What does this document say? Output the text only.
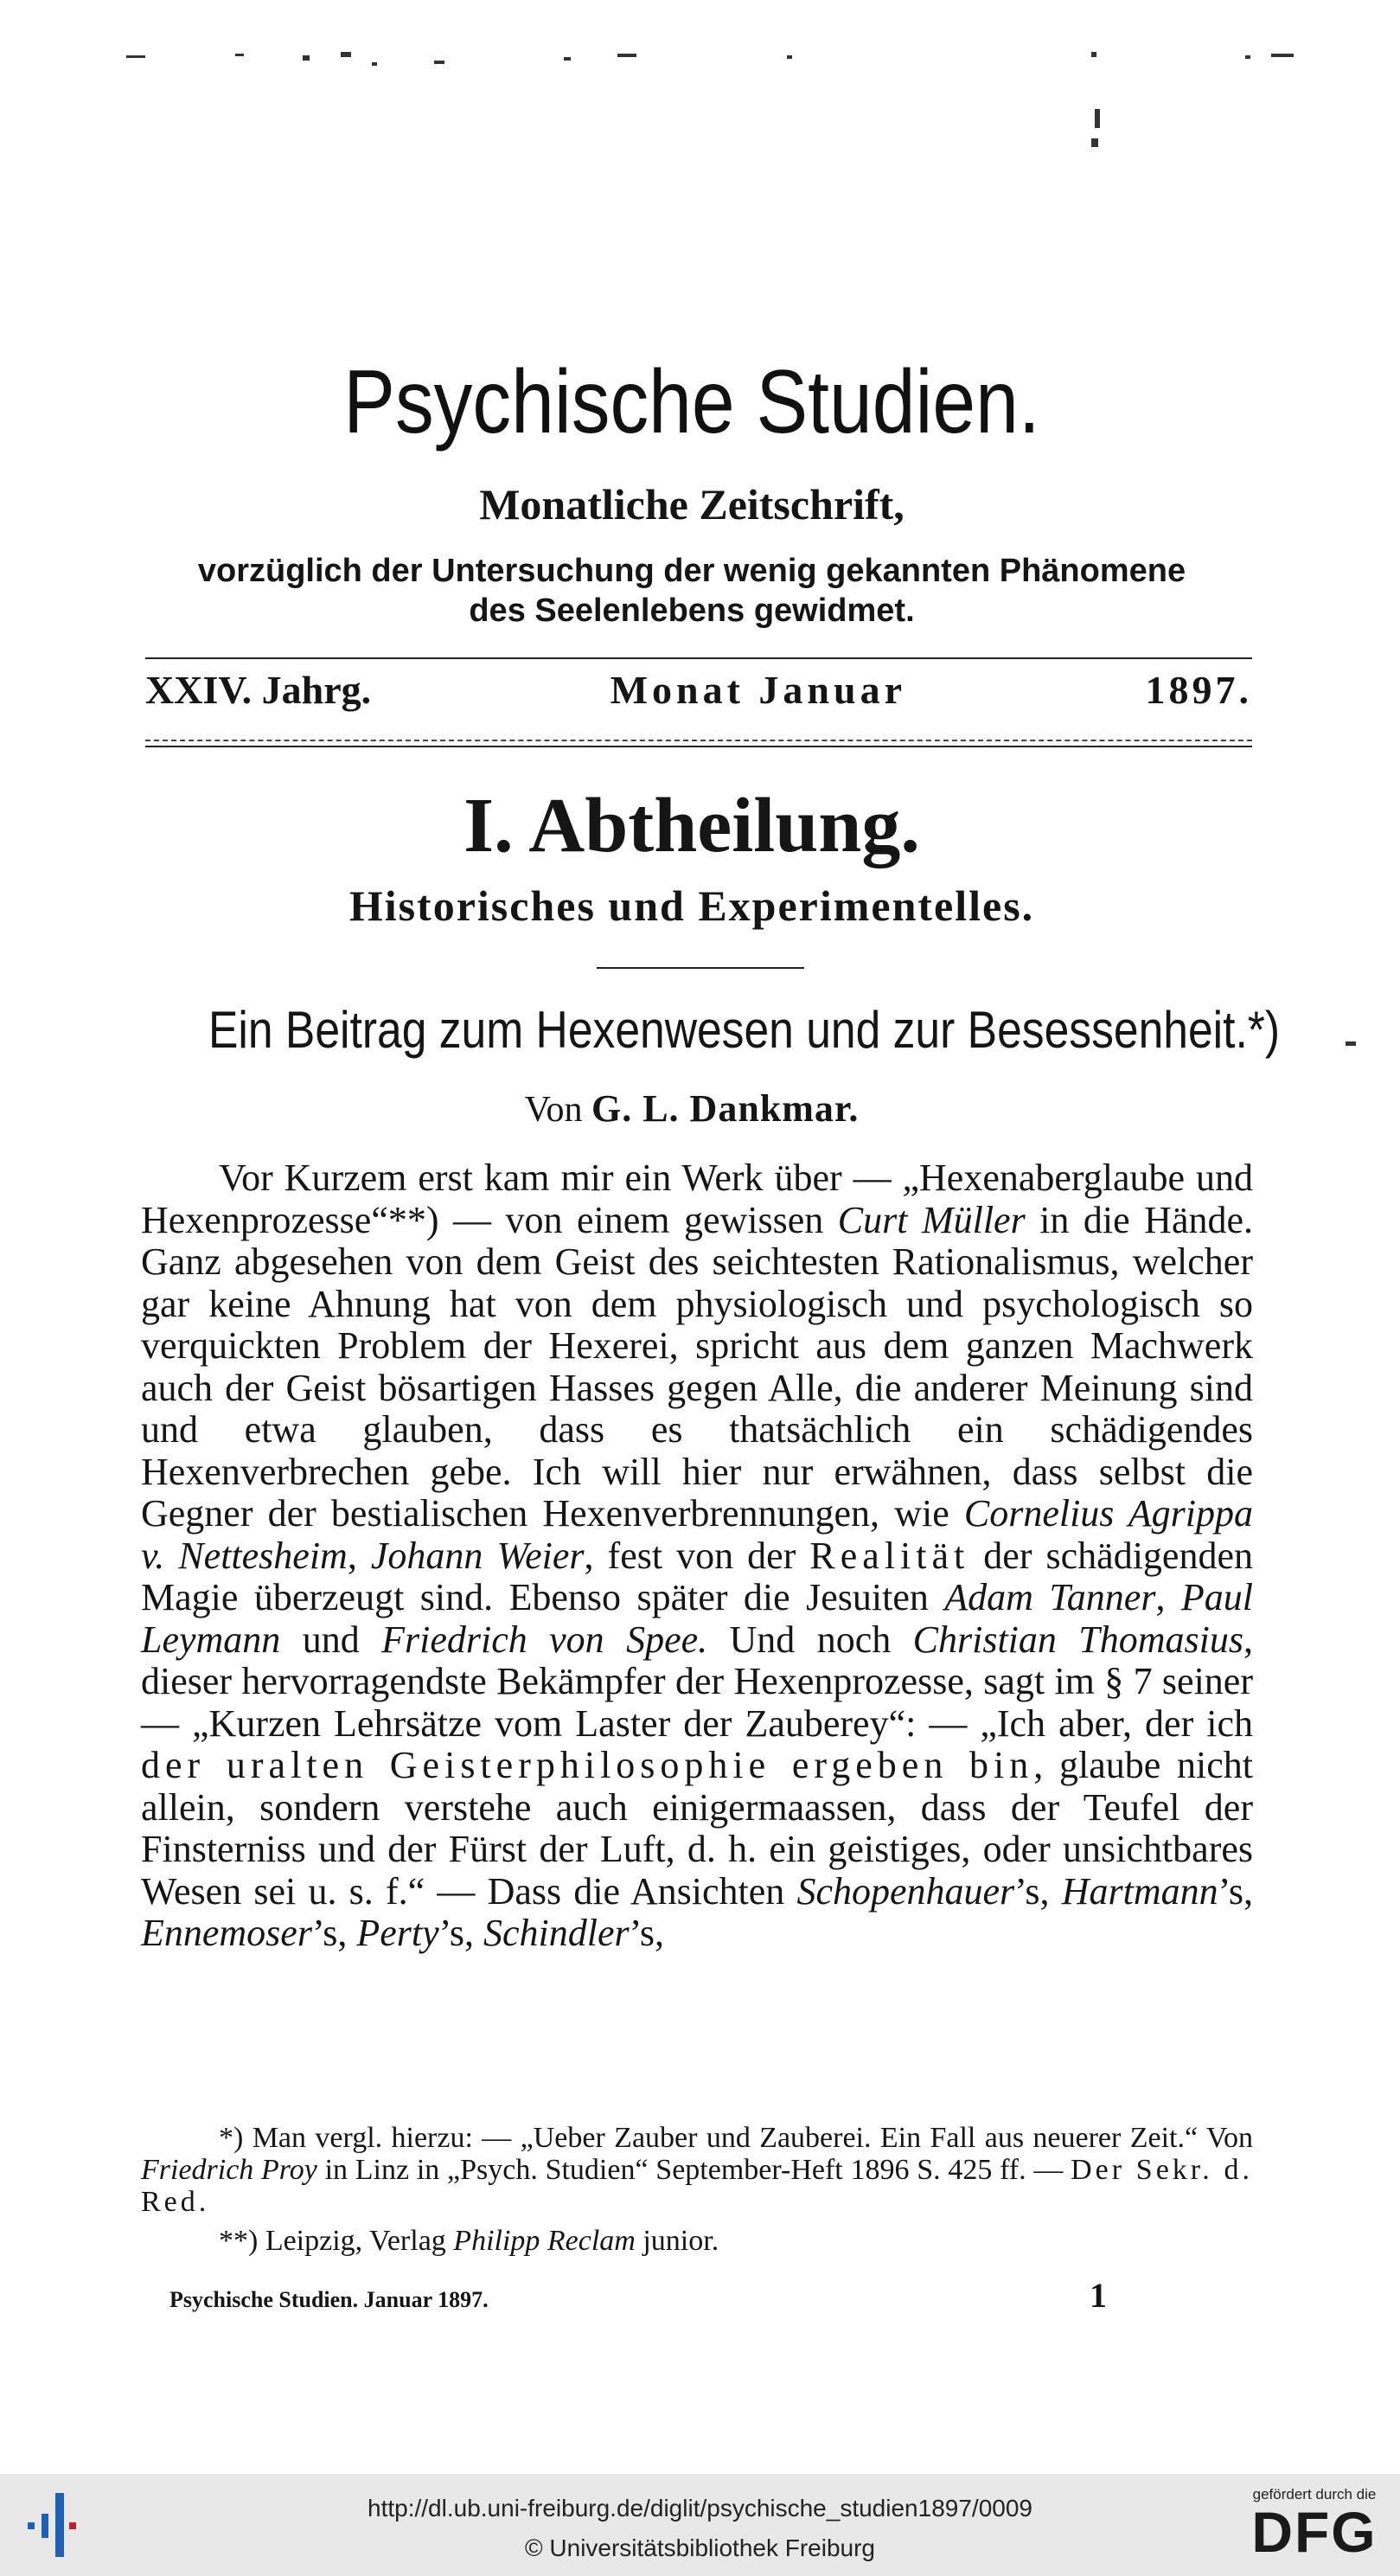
Psychische Studien.
Monatliche Zeitschrift,
vorzüglich der Untersuchung der wenig gekannten Phänomene
des Seelenlebens gewidmet.
XXIV. Jahrg.	Monat Januar	1897.
I. Abtheilung.
Historisches und Experimentelles.
Ein Beitrag zum Hexenwesen und zur Besessenheit.*)
Von G. L. Dankmar.

Vor Kurzem erst kam mir ein Werk über — „Hexenaberglaube und Hexenprozesse“**) — von einem gewissen Curt Müller in die Hände. Ganz abgesehen von dem Geist des seichtesten Rationalismus, welcher gar keine Ahnung hat von dem physiologisch und psychologisch so verquickten Problem der Hexerei, spricht aus dem ganzen Machwerk auch der Geist bösartigen Hasses gegen Alle, die anderer Meinung sind und etwa glauben, dass es thatsächlich ein schädigendes Hexenverbrechen gebe. Ich will hier nur erwähnen, dass selbst die Gegner der bestialischen Hexenverbrennungen, wie Cornelius Agrippa v. Nettesheim, Johann Weier, fest von der Realität der schädigenden Magie überzeugt sind. Ebenso später die Jesuiten Adam Tanner, Paul Leymann und Friedrich von Spee. Und noch Christian Thomasius, dieser hervorragendste Bekämpfer der Hexenprozesse, sagt im § 7 seiner — „Kurzen Lehrsätze vom Laster der Zauberey“: — „Ich aber, der ich der uralten Geisterphilosophie ergeben bin, glaube nicht allein, sondern verstehe auch einigermaassen, dass der Teufel der Finsterniss und der Fürst der Luft, d. h. ein geistiges, oder unsichtbares Wesen sei u. s. f.“ — Dass die Ansichten Schopenhauer’s, Hartmann’s, Ennemoser’s, Perty’s, Schindler’s,

*) Man vergl. hierzu: — „Ueber Zauber und Zauberei. Ein Fall aus neuerer Zeit.“ Von Friedrich Proy in Linz in „Psych. Studien“ September-Heft 1896 S. 425 ff. — Der Sekr. d. Red.

**) Leipzig, Verlag Philipp Reclam junior.

Psychische Studien. Januar 1897.	1
http://dl.ub.uni-freiburg.de/diglit/psychische_studien1897/0009
© Universitätsbibliothek Freiburg
gefördert durch die
DFG
